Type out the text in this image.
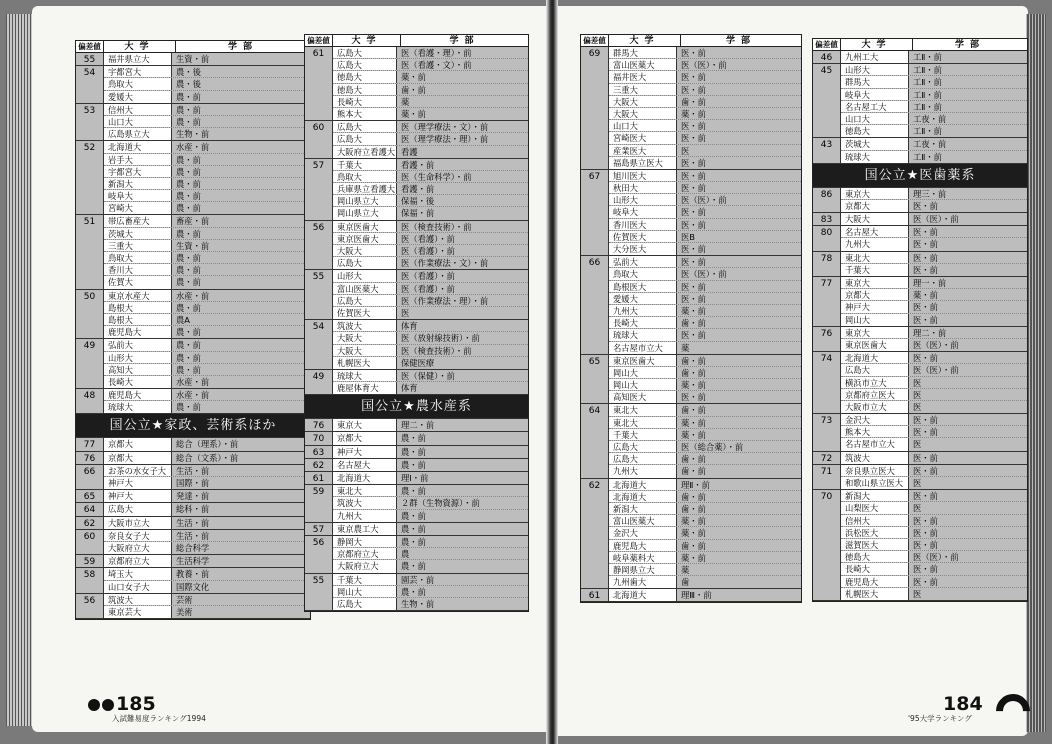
偏差値	大学	学部
55	福井県立大	生資・前
54	宇都宮大	農・後
鳥取大	農・後
愛媛大	農・前
53	信州大	農・前
山口大	農・前
広島県立大	生物・前
52	北海道大	水産・前
岩手大	農・前
宇都宮大	農・前
新潟大	農・前
岐阜大	農・前
宮崎大	農・前
51	帯広畜産大	畜産・前
茨城大	農・前
三重大	生資・前
鳥取大	農・前
香川大	農・前
佐賀大	農・前
50	東京水産大	水産・前
島根大	農・前
島根大	農A
鹿児島大	農・前
49	弘前大	農・前
山形大	農・前
高知大	農・前
長崎大	水産・前
48	鹿児島大	水産・前
琉球大	農・前
国公立★家政、芸術系ほか
77	京都大	総合（理系）・前
76	京都大	総合（文系）・前
66	お茶の水女子大	生活・前
神戸大	国際・前
65	神戸大	発達・前
64	広島大	総科・前
62	大阪市立大	生活・前
60	奈良女子大	生活・前
大阪府立大	総合科学
59	京都府立大	生活科学
58	埼玉大	教養・前
山口女子大	国際文化
56	筑波大	芸術
東京芸大	美術
偏差値	大学	学部
61	広島大	医（看護・理）・前
広島大	医（看護・文）・前
徳島大	薬・前
徳島大	歯・前
長崎大	薬
熊本大	薬・前
60	広島大	医（理学療法・文）・前
広島大	医（理学療法・理）・前
大阪府立看護大 看護
57	千葉大	看護・前
鳥取大	医（生命科学）・前
兵庫県立看護大 看護・前
岡山県立大	保福・後
岡山県立大	保福・前
56	東京医歯大	医（検査技術）・前
東京医歯大	医（看護）・前
大阪大	医（看護）・前
広島大	医（作業療法・文）・前
55	山形大	医（看護）・前
富山医薬大	医（看護）・前
広島大	医（作業療法・理）・前
佐賀医大	医
54	筑波大	体育
大阪大	医（放射線技術）・前
大阪大	医（検査技術）・前
札幌医大	保健医療
49	琉球大	医（保健）・前
鹿屋体育大	体育
国公立★農水産系
76	東京大	理二・前
70	京都大	農・前
63	神戸大	農・前
62	名古屋大	農・前
61	北海道大	理Ⅰ・前
59	東北大	農・前
筑波大	２群（生物資源）・前
九州大	農・前
57	東京農工大	農・前
56	静岡大	農・前
京都府立大	農
大阪府立大	農・前
55	千葉大	園芸・前
岡山大	農・前
広島大	生物・前
偏差値	大学	学部
69	群馬大	医・前
富山医薬大	医（医）・前
福井医大	医・前
三重大	医・前
大阪大	歯・前
大阪大	薬・前
山口大	医・前
宮崎医大	医・前
産業医大	医
福島県立医大	医・前
67	旭川医大	医・前
秋田大	医・前
山形大	医（医）・前
岐阜大	医・前
香川医大	医・前
佐賀医大	医B
大分医大	医・前
66	弘前大	医・前
鳥取大	医（医）・前
島根医大	医・前
愛媛大	医・前
九州大	薬・前
長崎大	歯・前
琉球大	医・前
名古屋市立大	薬
65	東京医歯大	歯・前
岡山大	歯・前
岡山大	薬・前
高知医大	医・前
64	東北大	歯・前
東北大	薬・前
千葉大	薬・前
広島大	医（総合薬）・前
広島大	歯・前
九州大	歯・前
62	北海道大	理Ⅱ・前
北海道大	歯・前
新潟大	歯・前
富山医薬大	薬・前
金沢大	薬・前
鹿児島大	歯・前
岐阜薬科大	薬・前
静岡県立大	薬
九州歯大	歯
61	北海道大	理Ⅲ・前
偏差値	大学	学部
46	九州工大	工Ⅱ・前
45	山形大	工Ⅱ・前
群馬大	工Ⅱ・前
岐阜大	工Ⅱ・前
名古屋工大	工Ⅱ・前
山口大	工夜・前
徳島大	工Ⅱ・前
43	茨城大	工夜・前
琉球大	工Ⅱ・前
国公立★医歯薬系
86	東京大	理三・前
京都大	医・前
83	大阪大	医（医）・前
80	名古屋大	医・前
九州大	医・前
78	東北大	医・前
千葉大	医・前
77	東京大	理一・前
京都大	薬・前
神戸大	医・前
岡山大	医・前
76	東京大	理二・前
東京医歯大	医（医）・前
74	北海道大	医・前
広島大	医（医）・前
横浜市立大	医
京都府立医大	医
大阪市立大	医
73	金沢大	医・前
熊本大	医・前
名古屋市立大	医
72	筑波大	医・前
71	奈良県立医大	医・前
和歌山県立医大	医
70	新潟大	医・前
山梨医大	医
信州大	医・前
浜松医大	医・前
滋賀医大	医・前
徳島大	医（医）・前
長崎大	医・前
鹿児島大	医・前
札幌医大	医
185
入試難易度ランキング1994
184
'95大学ランキング
